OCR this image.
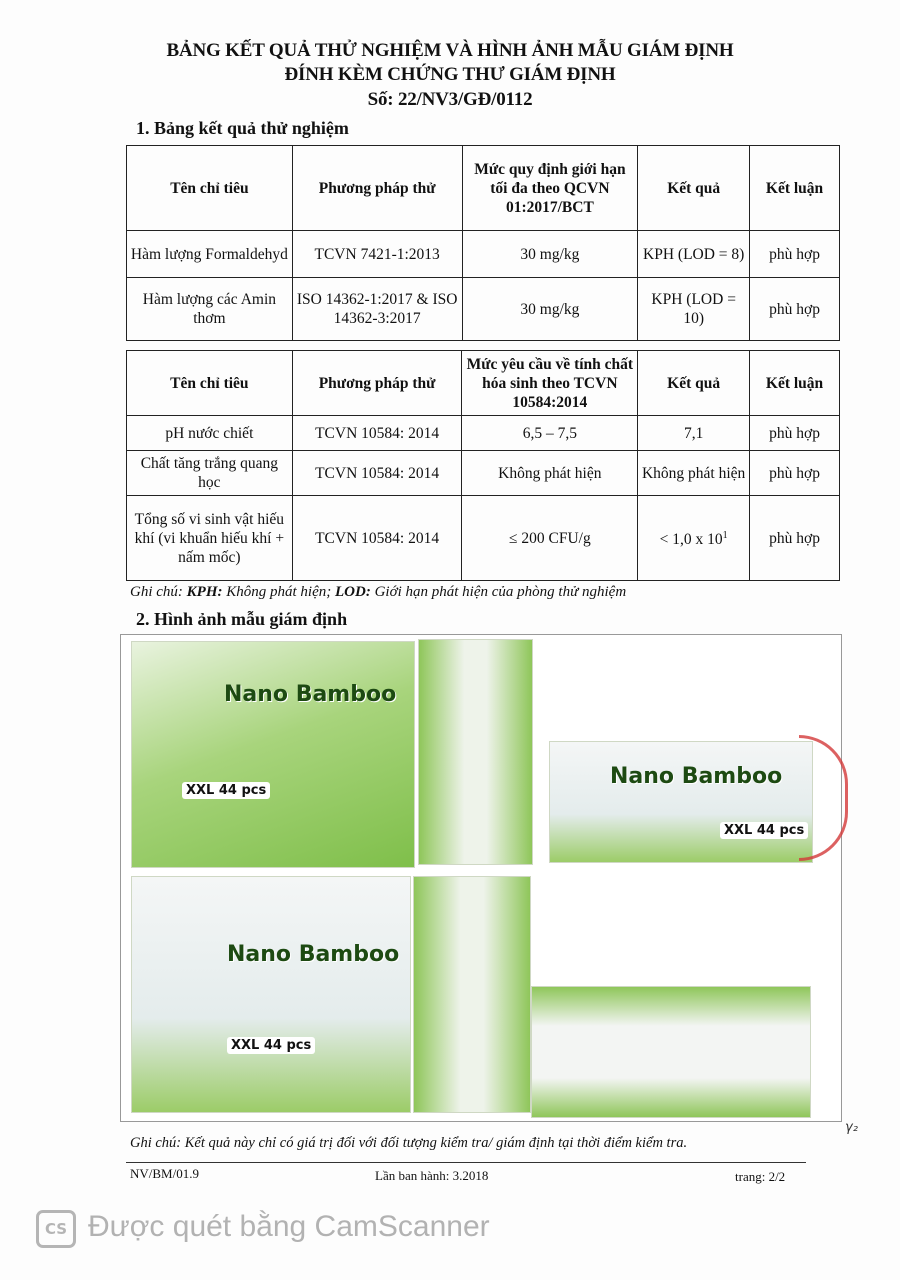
BẢNG KẾT QUẢ THỬ NGHIỆM VÀ HÌNH ẢNH MẪU GIÁM ĐỊNH
ĐÍNH KÈM CHỨNG THƯ GIÁM ĐỊNH
Số: 22/NV3/GĐ/0112
1. Bảng kết quả thử nghiệm
Tên chỉ tiêu	Phương pháp thử	Mức quy định giới hạn tối đa theo QCVN 01:2017/BCT	Kết quả	Kết luận
Hàm lượng Formaldehyd	TCVN 7421-1:2013	30 mg/kg	KPH (LOD = 8)	phù hợp
Hàm lượng các Amin thơm	ISO 14362-1:2017 & ISO 14362-3:2017	30 mg/kg	KPH (LOD = 10)	phù hợp
Tên chỉ tiêu	Phương pháp thử	Mức yêu cầu về tính chất hóa sinh theo TCVN 10584:2014	Kết quả	Kết luận
pH nước chiết	TCVN 10584: 2014	6,5 – 7,5	7,1	phù hợp
Chất tăng trắng quang học	TCVN 10584: 2014	Không phát hiện	Không phát hiện	phù hợp
Tổng số vi sinh vật hiếu khí (vi khuẩn hiếu khí + nấm mốc)	TCVN 10584: 2014	≤ 200 CFU/g	< 1,0 x $10^1$	phù hợp
Ghi chú: KPH: Không phát hiện; LOD: Giới hạn phát hiện của phòng thử nghiệm
2. Hình ảnh mẫu giám định
Nano Bamboo
XXL 44 pcs
Nano Bamboo
XXL 44 pcs
Nano Bamboo
XXL 44 pcs
γ₂
Ghi chú: Kết quả này chỉ có giá trị đối với đối tượng kiểm tra/ giám định tại thời điểm kiểm tra.
NV/BM/01.9	Lần ban hành: 3.2018	trang: 2/2
CS Được quét bằng CamScanner
